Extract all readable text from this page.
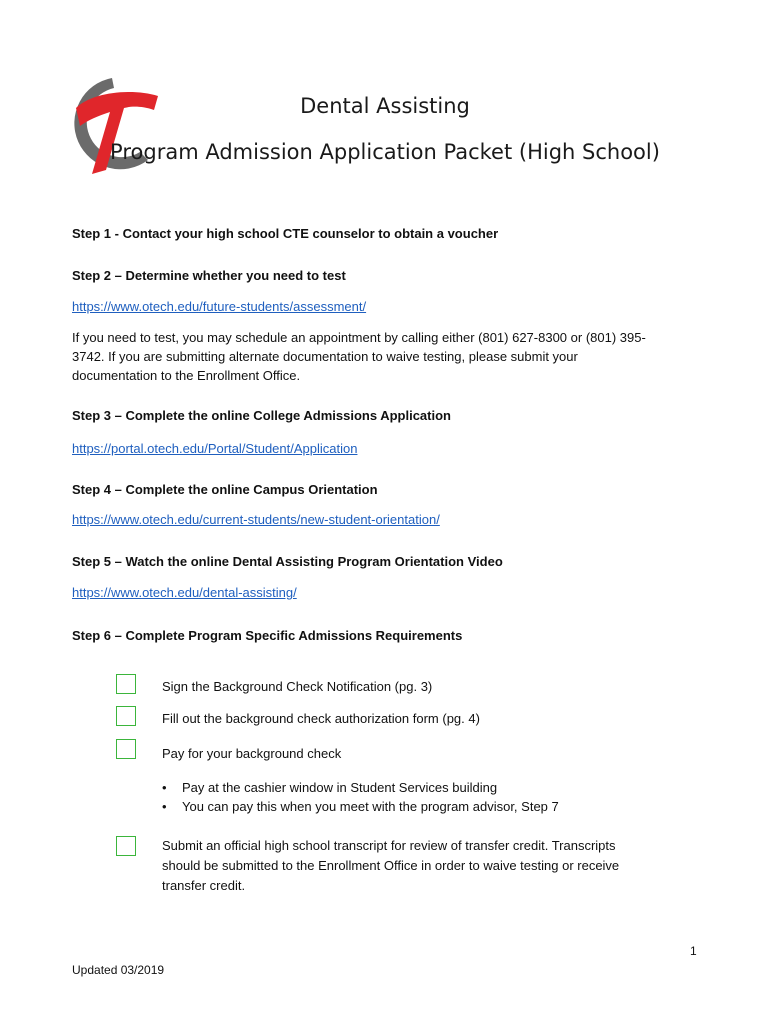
Dental Assisting
Program Admission Application Packet (High School)

Step 1 - Contact your high school CTE counselor to obtain a voucher

Step 2 – Determine whether you need to test

https://www.otech.edu/future-students/assessment/

If you need to test, you may schedule an appointment by calling either (801) 627-8300 or (801) 395-

3742. If you are submitting alternate documentation to waive testing, please submit your

documentation to the Enrollment Office.

Step 3 – Complete the online College Admissions Application

https://portal.otech.edu/Portal/Student/Application

Step 4 – Complete the online Campus Orientation

https://www.otech.edu/current-students/new-student-orientation/

Step 5 – Watch the online Dental Assisting Program Orientation Video

https://www.otech.edu/dental-assisting/

Step 6 – Complete Program Specific Admissions Requirements

Sign the Background Check Notification (pg. 3)

Fill out the background check authorization form (pg. 4)

Pay for your background check

• Pay at the cashier window in Student Services building
• You can pay this when you meet with the program advisor, Step 7

Submit an official high school transcript for review of transfer credit. Transcripts

should be submitted to the Enrollment Office in order to waive testing or receive

transfer credit.

1
Updated 03/2019
